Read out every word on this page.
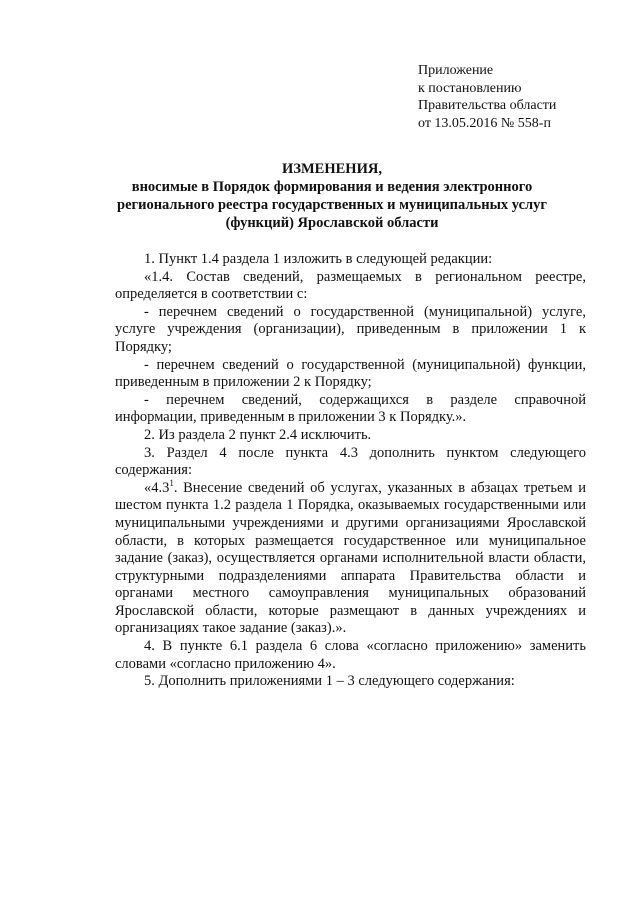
Приложение
к постановлению
Правительства области
от 13.05.2016 № 558-п
ИЗМЕНЕНИЯ,
вносимые в Порядок формирования и ведения электронного
регионального реестра государственных и муниципальных услуг
(функций) Ярославской области

1. Пункт 1.4 раздела 1 изложить в следующей редакции:

«1.4. Состав сведений, размещаемых в региональном реестре, определяется в соответствии с:

- перечнем сведений о государственной (муниципальной) услуге, услуге учреждения (организации), приведенным в приложении 1 к Порядку;

- перечнем сведений о государственной (муниципальной) функции, приведенным в приложении 2 к Порядку;

- перечнем сведений, содержащихся в разделе справочной информации, приведенным в приложении 3 к Порядку.».

2. Из раздела 2 пункт 2.4 исключить.

3. Раздел 4 после пункта 4.3 дополнить пунктом следующего содержания:

«$4.3^1$. Внесение сведений об услугах, указанных в абзацах третьем и шестом пункта 1.2 раздела 1 Порядка, оказываемых государственными или муниципальными учреждениями и другими организациями Ярославской области, в которых размещается государственное или муниципальное задание (заказ), осуществляется органами исполнительной власти области, структурными подразделениями аппарата Правительства области и органами местного самоуправления муниципальных образований Ярославской области, которые размещают в данных учреждениях и организациях такое задание (заказ).».

4. В пункте 6.1 раздела 6 слова «согласно приложению» заменить словами «согласно приложению 4».

5. Дополнить приложениями 1 – 3 следующего содержания:
